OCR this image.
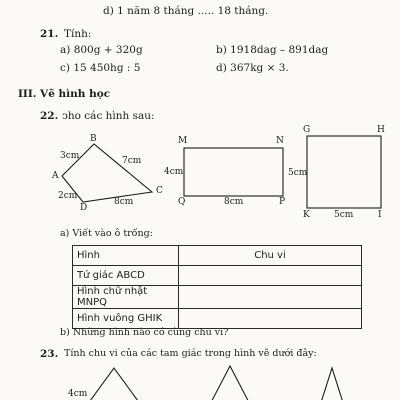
d) 1 năm 8 tháng ..... 18 tháng.
21. Tính:
a) 800g + 320g	b) 1918dag – 891dag
c) 15 450hg : 5	d) 367kg × 3.
III. Vẽ hình học
22. ↄho các hình sau:
A
B
C
D
3cm	7cm
2cm
8cm
M	N
P
Q
4cm
8cm
G	H
I
K
5cm
5cm
a) Viết vào ô trống:
Hình	Chu vi
Tứ giác ABCD	
Hình chữ nhật MNPQ	
Hình vuông GHIK	
b) Những hình nào có cùng chu vi?
23. Tính chu vi của các tam giác trong hình vẽ dưới đây:
4cm
